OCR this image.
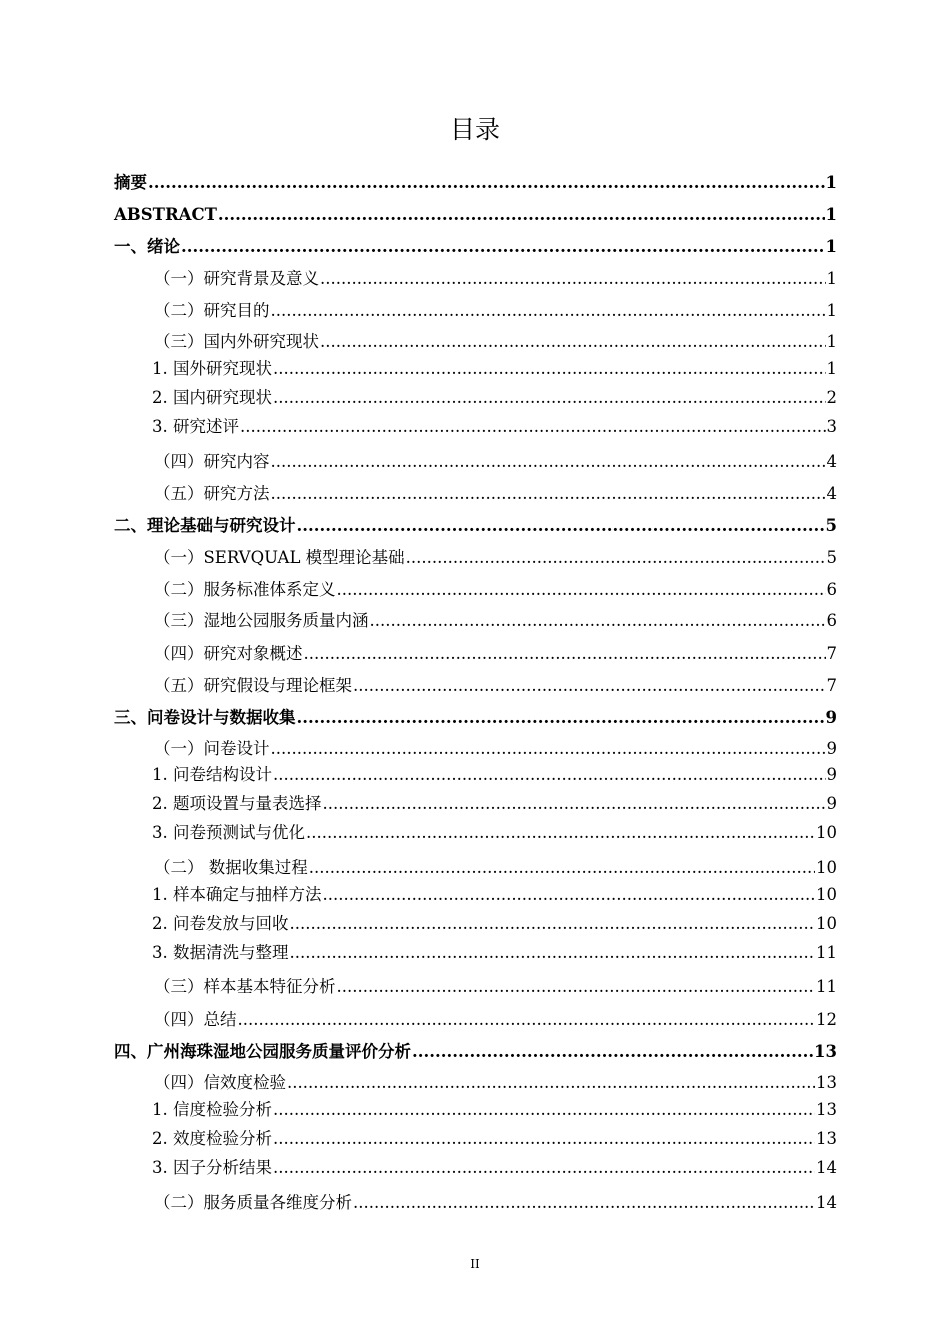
目录
摘要 .....	1
ABSTRACT .....	1
一、绪论 .....	1
（一）研究背景及意义 .....	1
（二）研究目的 .....	1
（三）国内外研究现状 .....	1
1. 国外研究现状 .....	1
2. 国内研究现状 .....	2
3. 研究述评 .....	3
（四）研究内容 .....	4
（五）研究方法 .....	4
二、理论基础与研究设计 .....	5
（一）SERVQUAL 模型理论基础 .....	5
（二）服务标准体系定义 .....	6
（三）湿地公园服务质量内涵 .....	6
（四）研究对象概述 .....	7
（五）研究假设与理论框架 .....	7
三、问卷设计与数据收集 .....	9
（一）问卷设计 .....	9
1. 问卷结构设计 .....	9
2. 题项设置与量表选择 .....	9
3. 问卷预测试与优化 .....	10
（二） 数据收集过程 .....	10
1. 样本确定与抽样方法 .....	10
2. 问卷发放与回收 .....	10
3. 数据清洗与整理 .....	11
（三）样本基本特征分析 .....	11
（四）总结 .....	12
四、广州海珠湿地公园服务质量评价分析 .....	13
（四）信效度检验 .....	13
1. 信度检验分析 .....	13
2. 效度检验分析 .....	13
3. 因子分析结果 .....	14
（二）服务质量各维度分析 .....	14
II
